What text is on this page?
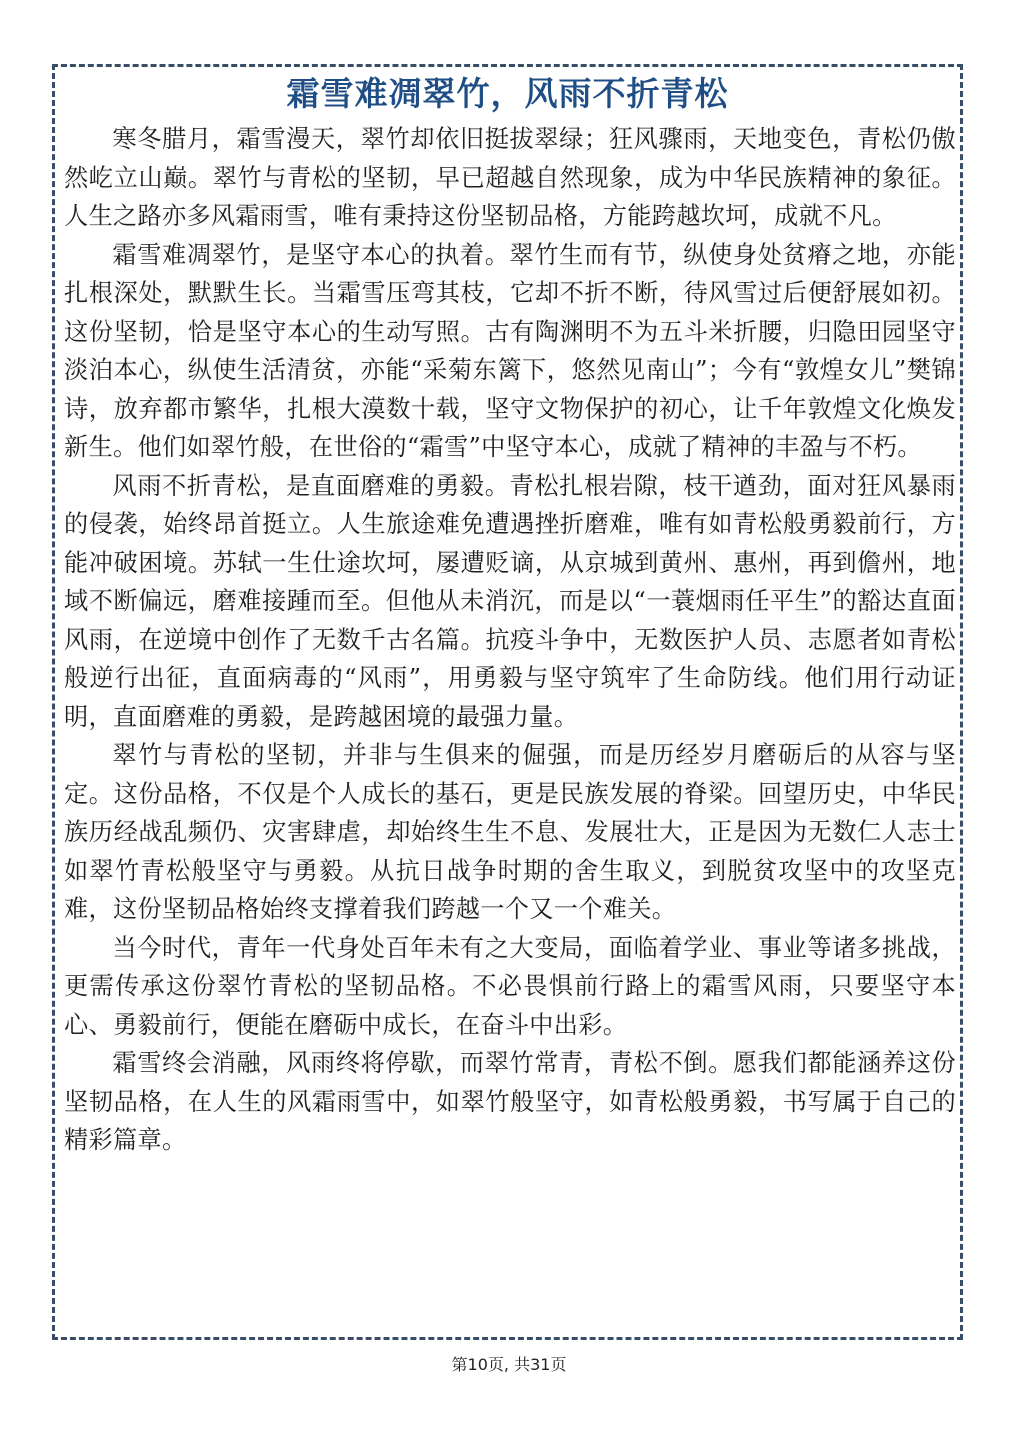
霜雪难凋翠竹，风雨不折青松

寒冬腊月，霜雪漫天，翠竹却依旧挺拔翠绿；狂风骤雨，天地变色，青松仍傲然屹立山巅。翠竹与青松的坚韧，早已超越自然现象，成为中华民族精神的象征。人生之路亦多风霜雨雪，唯有秉持这份坚韧品格，方能跨越坎坷，成就不凡。

霜雪难凋翠竹，是坚守本心的执着。翠竹生而有节，纵使身处贫瘠之地，亦能扎根深处，默默生长。当霜雪压弯其枝，它却不折不断，待风雪过后便舒展如初。这份坚韧，恰是坚守本心的生动写照。古有陶渊明不为五斗米折腰，归隐田园坚守淡泊本心，纵使生活清贫，亦能“采菊东篱下，悠然见南山”；今有“敦煌女儿”樊锦诗，放弃都市繁华，扎根大漠数十载，坚守文物保护的初心，让千年敦煌文化焕发新生。他们如翠竹般，在世俗的“霜雪”中坚守本心，成就了精神的丰盈与不朽。

风雨不折青松，是直面磨难的勇毅。青松扎根岩隙，枝干遒劲，面对狂风暴雨的侵袭，始终昂首挺立。人生旅途难免遭遇挫折磨难，唯有如青松般勇毅前行，方能冲破困境。苏轼一生仕途坎坷，屡遭贬谪，从京城到黄州、惠州，再到儋州，地域不断偏远，磨难接踵而至。但他从未消沉，而是以“一蓑烟雨任平生”的豁达直面风雨，在逆境中创作了无数千古名篇。抗疫斗争中，无数医护人员、志愿者如青松般逆行出征，直面病毒的“风雨”，用勇毅与坚守筑牢了生命防线。他们用行动证明，直面磨难的勇毅，是跨越困境的最强力量。

翠竹与青松的坚韧，并非与生俱来的倔强，而是历经岁月磨砺后的从容与坚定。这份品格，不仅是个人成长的基石，更是民族发展的脊梁。回望历史，中华民族历经战乱频仍、灾害肆虐，却始终生生不息、发展壮大，正是因为无数仁人志士如翠竹青松般坚守与勇毅。从抗日战争时期的舍生取义，到脱贫攻坚中的攻坚克难，这份坚韧品格始终支撑着我们跨越一个又一个难关。

当今时代，青年一代身处百年未有之大变局，面临着学业、事业等诸多挑战，更需传承这份翠竹青松的坚韧品格。不必畏惧前行路上的霜雪风雨，只要坚守本心、勇毅前行，便能在磨砺中成长，在奋斗中出彩。

霜雪终会消融，风雨终将停歇，而翠竹常青，青松不倒。愿我们都能涵养这份坚韧品格，在人生的风霜雨雪中，如翠竹般坚守，如青松般勇毅，书写属于自己的精彩篇章。

第10页, 共31页
